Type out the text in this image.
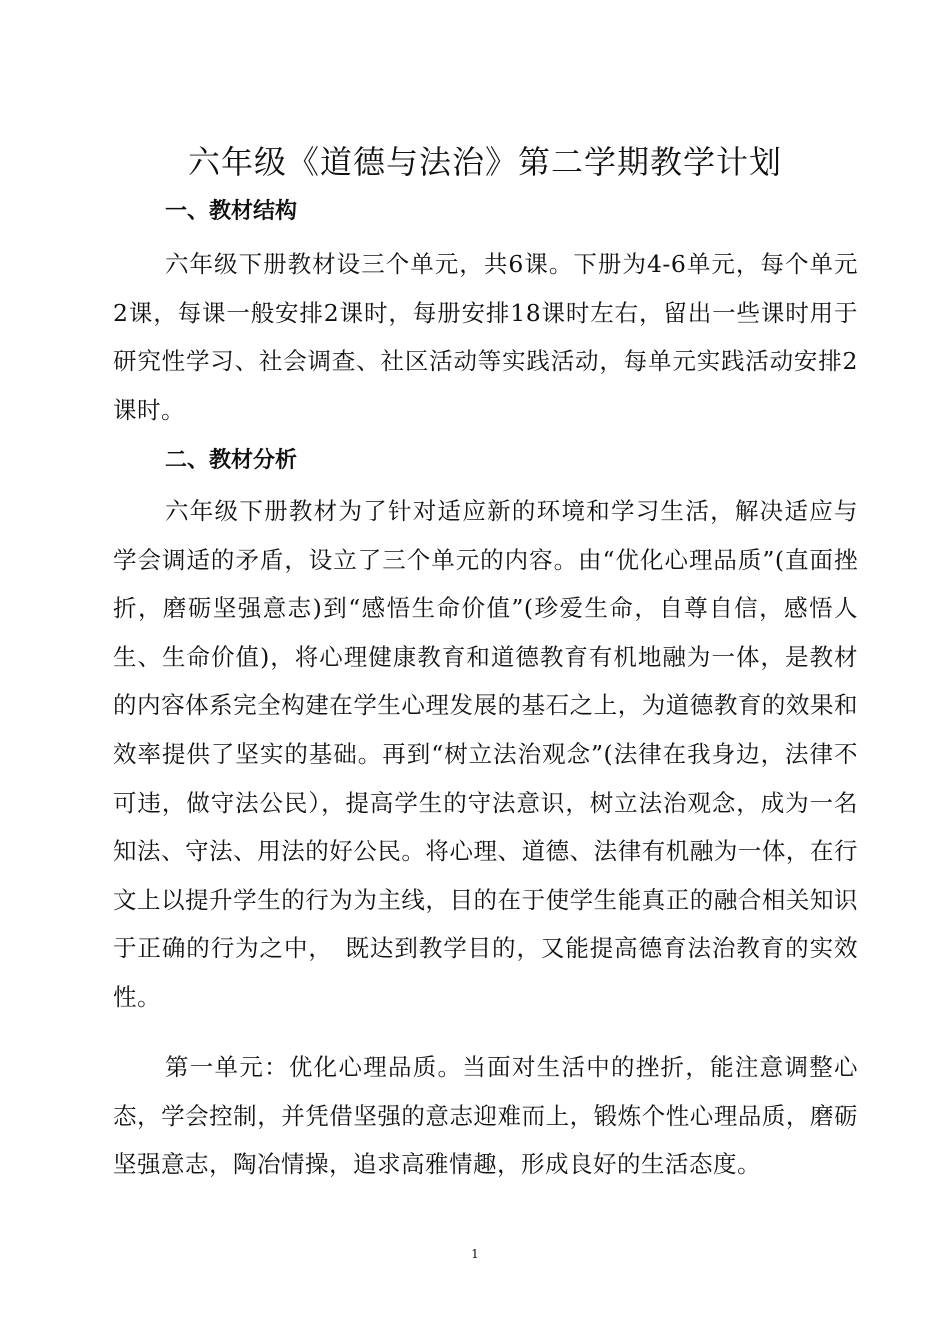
六年级《道德与法治》第二学期教学计划
一、教材结构

六年级下册教材设三个单元，共6课。下册为4-6单元，每个单元2课，每课一般安排2课时，每册安排18课时左右，留出一些课时用于研究性学习、社会调查、社区活动等实践活动，每单元实践活动安排2课时。

二、教材分析

六年级下册教材为了针对适应新的环境和学习生活，解决适应与学会调适的矛盾，设立了三个单元的内容。由“优化心理品质”(直面挫折，磨砺坚强意志)到“感悟生命价值”(珍爱生命，自尊自信，感悟人生、生命价值)，将心理健康教育和道德教育有机地融为一体，是教材的内容体系完全构建在学生心理发展的基石之上，为道德教育的效果和效率提供了坚实的基础。再到“树立法治观念”(法律在我身边，法律不可违，做守法公民），提高学生的守法意识，树立法治观念，成为一名知法、守法、用法的好公民。将心理、道德、法律有机融为一体，在行文上以提升学生的行为为主线，目的在于使学生能真正的融合相关知识于正确的行为之中，　既达到教学目的，又能提高德育法治教育的实效性。

第一单元：优化心理品质。当面对生活中的挫折，能注意调整心态，学会控制，并凭借坚强的意志迎难而上，锻炼个性心理品质，磨砺坚强意志，陶冶情操，追求高雅情趣，形成良好的生活态度。

1
